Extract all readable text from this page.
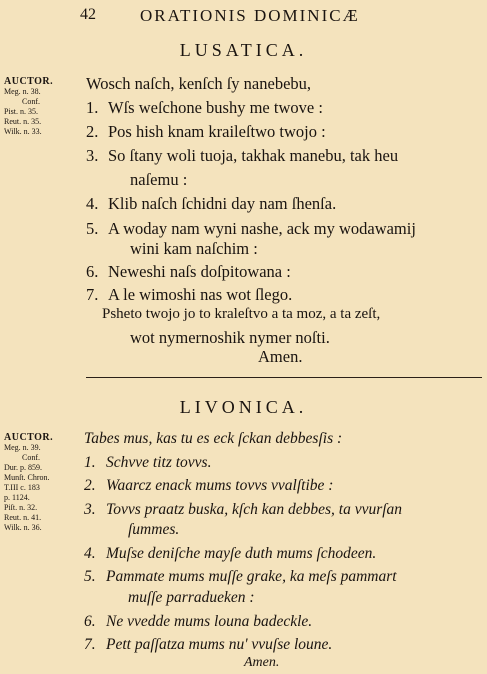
42	ORATIONIS DOMINICÆ
LUSATICA.
AUCTOR.
Meg. n. 38.
Conf.
Pist. n. 35.
Reut. n. 35.
Wilk. n. 33.
Wosch naſch, kenſch ſy nanebebu,
1. Wſs weſchone bushy me twove :
2. Pos hish knam kraileſtwo twojo :
3. So ſtany woli tuoja, takhak manebu, tak heu
naſemu :
4. Klib naſch ſchidni day nam ſhenſa.
5. A woday nam wyni nashe, ack my wodawamij
wini kam naſchim :
6. Neweshi naſs doſpitowana :
7. A le wimoshi nas wot ſlego.
Psheto twojo jo to kraleſtvo a ta moz, a ta zeſt,
wot nymernoshik nymer noſti.
Amen.
LIVONICA.
AUCTOR.
Meg. n. 39.
Conf.
Dur. p. 859.
Munſt. Chron.
T.III c. 183
p. 1124.
Piſt. n. 32.
Reut. n. 41.
Wilk. n. 36.
Tabes mus, kas tu es eck ſckan debbesſis :
1. Schvve titz tovvs.
2. Waarcz enack mums tovvs vvalſtibe :
3. Tovvs praatz buska, kſch kan debbes, ta vvurſan
ſummes.
4. Muſse deniſche mayſe duth mums ſchodeen.
5. Pammate mums muſſe grake, ka meſs pammart
muſſe parradueken :
6. Ne vvedde mums louna badeckle.
7. Pett paſſatza mums nu' vvuſse loune.
Amen.
